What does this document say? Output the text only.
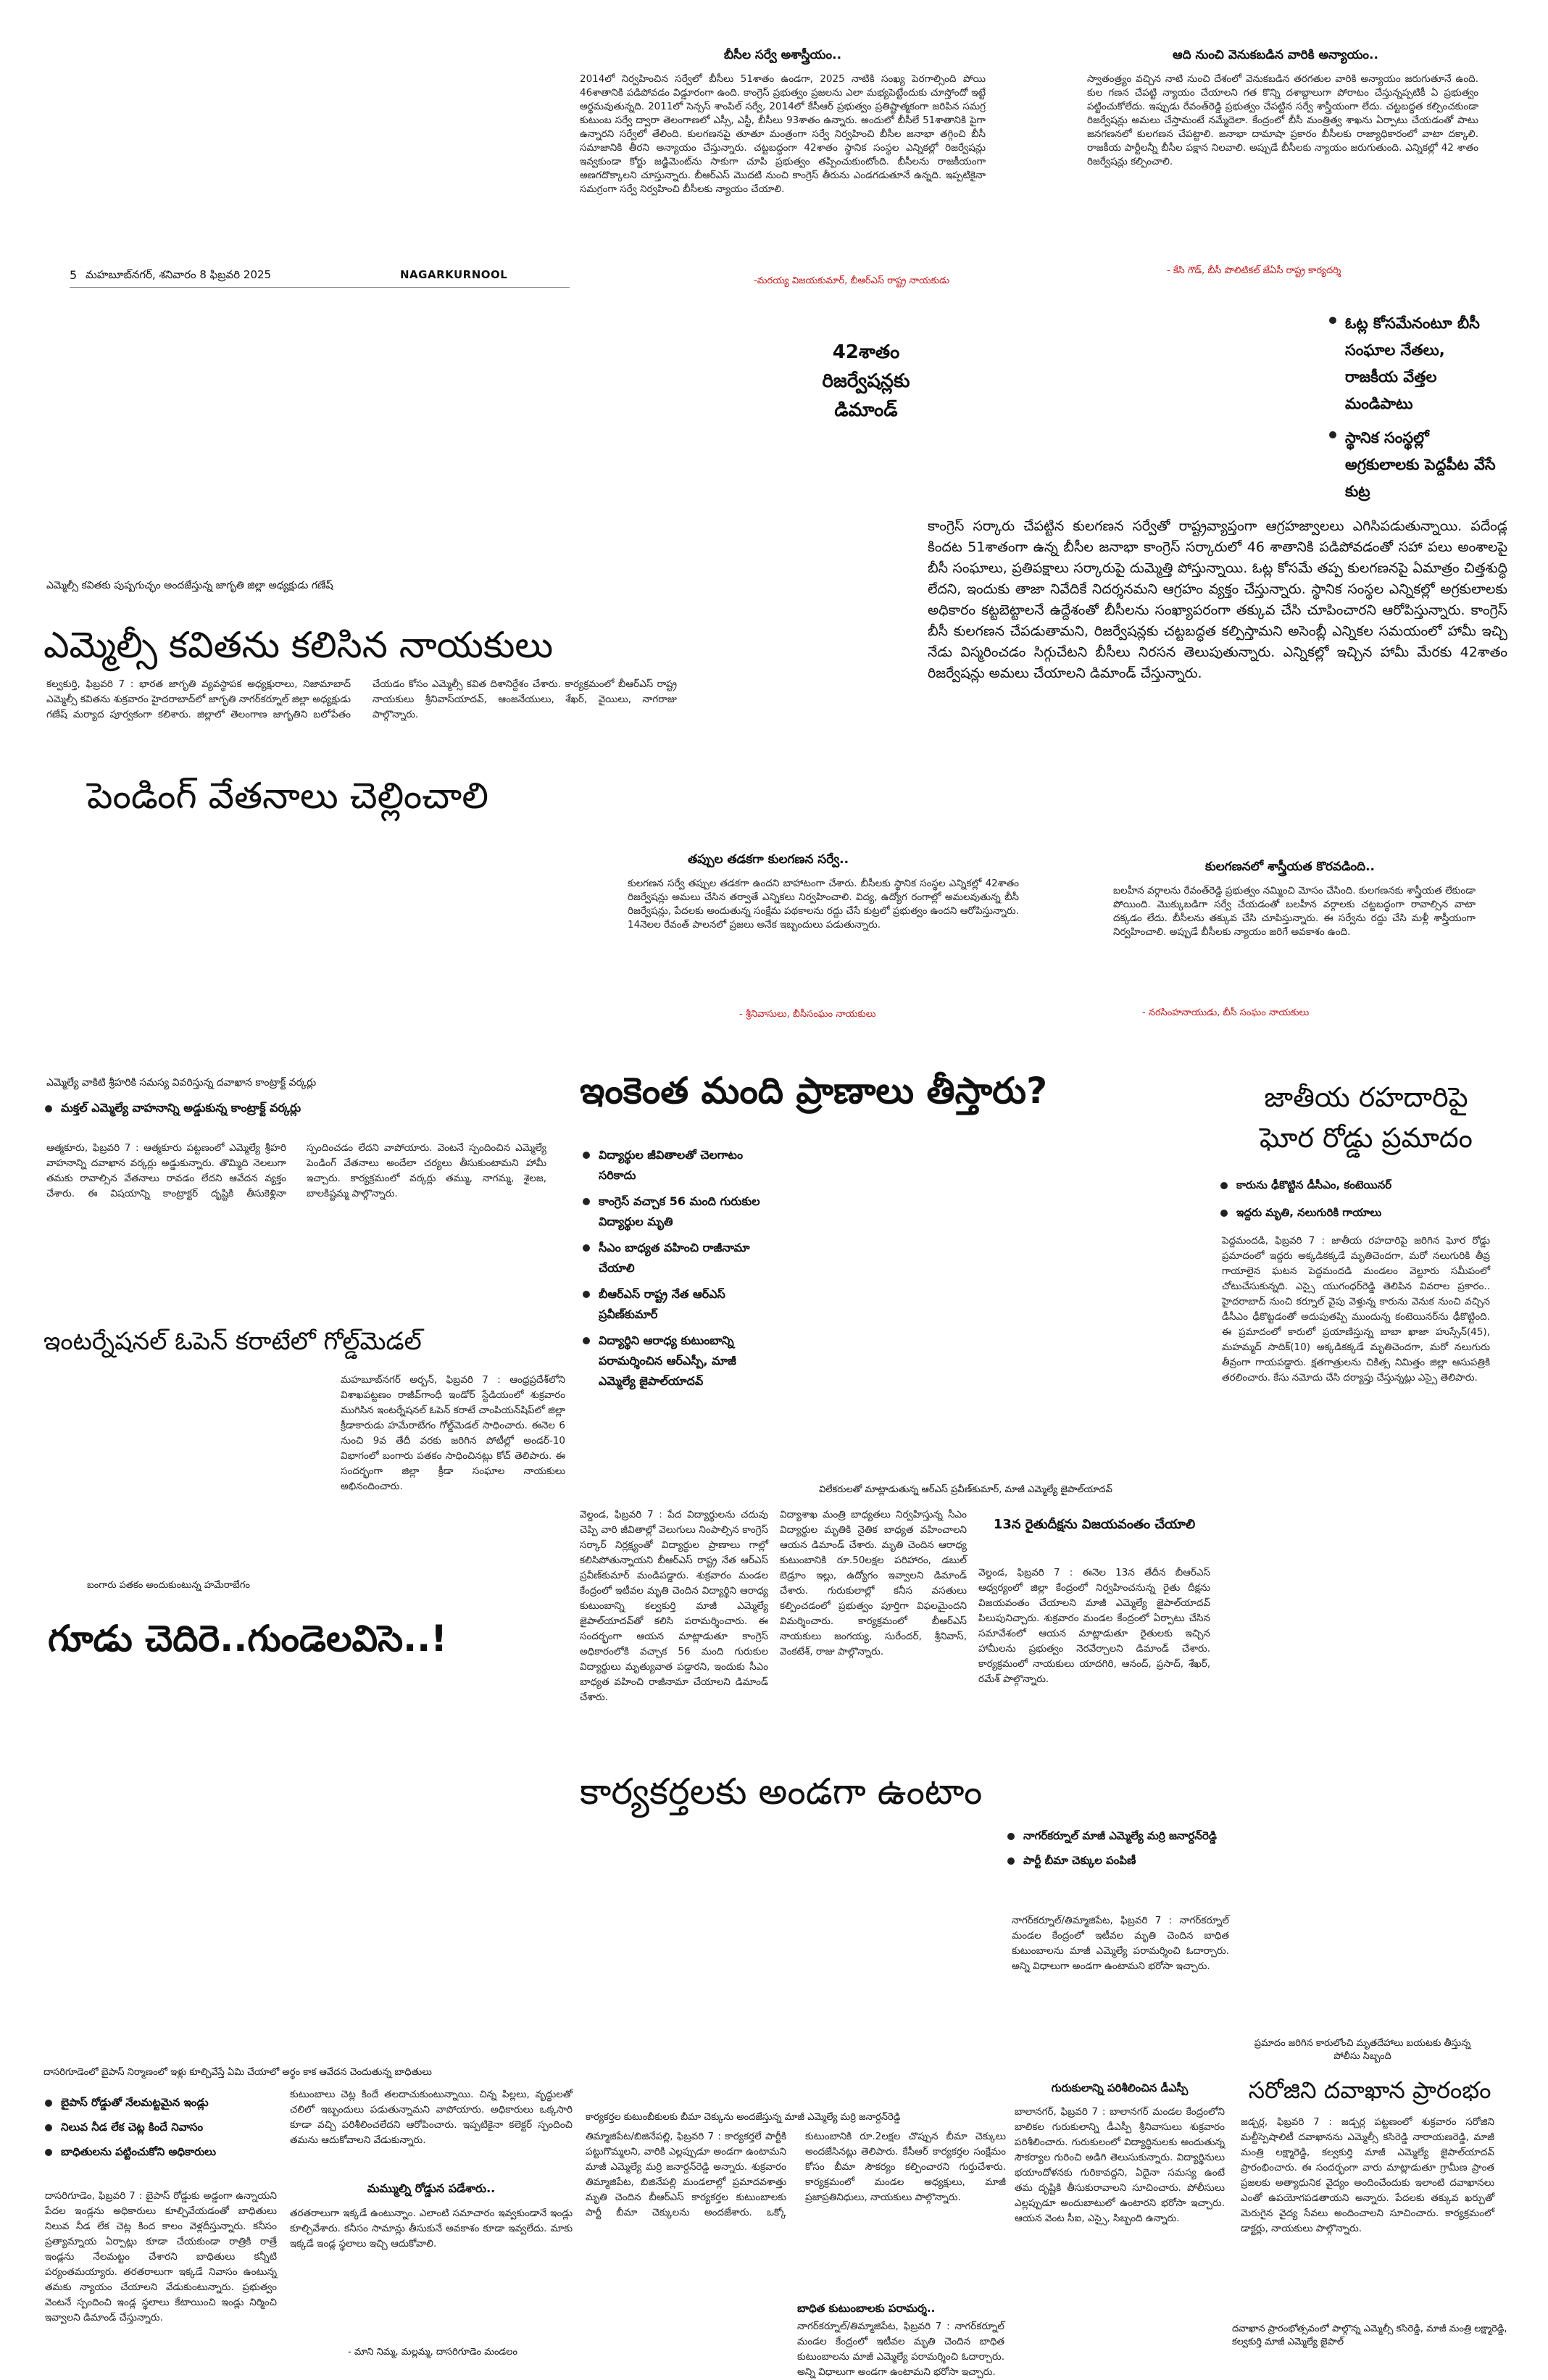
బీసీల సర్వే అశాస్త్రీయం..
2014లో నిర్వహించిన సర్వేలో బీసీలు 51శాతం ఉండగా, 2025 నాటికి సంఖ్య పెరగాల్సింది పోయి 46శాతానికి పడిపోవడం విడ్డూరంగా ఉంది. కాంగ్రెస్ ప్రభుత్వం ప్రజలను ఎలా మభ్యపెట్టేందుకు చూస్తోందో ఇట్టే అర్థమవుతున్నది. 2011లో సెన్సస్ శాంపిల్ సర్వే, 2014లో కేసీఆర్ ప్రభుత్వం ప్రతిష్టాత్మకంగా జరిపిన సమగ్ర కుటుంబ సర్వే ద్వారా తెలంగాణలో ఎస్సీ, ఎస్టీ, బీసీలు 93శాతం ఉన్నారు. అందులో బీసీలే 51శాతానికి పైగా ఉన్నారని సర్వేలో తేలింది. కులగణనపై తూతూ మంత్రంగా సర్వే నిర్వహించి బీసీల జనాభా తగ్గించి బీసీ సమాజానికి తీరని అన్యాయం చేస్తున్నారు. చట్టబద్ధంగా 42శాతం స్థానిక సంస్థల ఎన్నికల్లో రిజర్వేషన్లు ఇవ్వకుండా కోర్టు జడ్జిమెంట్‌ను సాకుగా చూపి ప్రభుత్వం తప్పించుకుంటోంది. బీసీలను రాజకీయంగా అణగదొక్కాలని చూస్తున్నారు. బీఆర్‌ఎస్ మొదటి నుంచి కాంగ్రెస్ తీరును ఎండగడుతూనే ఉన్నది. ఇప్పటికైనా సమగ్రంగా సర్వే నిర్వహించి బీసీలకు న్యాయం చేయాలి.
-మరయ్య విజయకుమార్, బీఆర్‌ఎస్ రాష్ట్ర నాయకుడు
ఆది నుంచి వెనుకబడిన వారికి అన్యాయం..
స్వాతంత్ర్యం వచ్చిన నాటి నుంచి దేశంలో వెనుకబడిన తరగతుల వారికి అన్యాయం జరుగుతూనే ఉంది. కుల గణన చేపట్టి న్యాయం చేయాలని గత కొన్ని దశాబ్దాలుగా పోరాటం చేస్తున్నప్పటికీ ఏ ప్రభుత్వం పట్టించుకోలేదు. ఇప్పుడు రేవంత్‌రెడ్డి ప్రభుత్వం చేపట్టిన సర్వే శాస్త్రీయంగా లేదు. చట్టబద్ధత కల్పించకుండా రిజర్వేషన్లు అమలు చేస్తామంటే నమ్మేదెలా. కేంద్రంలో బీసీ మంత్రిత్వ శాఖను ఏర్పాటు చేయడంతో పాటు జనగణనలో కులగణన చేపట్టాలి. జనాభా దామాషా ప్రకారం బీసీలకు రాజ్యాధికారంలో వాటా దక్కాలి. రాజకీయ పార్టీలన్నీ బీసీల పక్షాన నిలవాలి. అప్పుడే బీసీలకు న్యాయం జరుగుతుంది. ఎన్నికల్లో 42 శాతం రిజర్వేషన్లు కల్పించాలి.
- కేసి గౌడ్, బీసీ పొలిటికల్ జేఏసీ రాష్ట్ర కార్యదర్శి
5 మహబూబ్‌నగర్, శనివారం 8 ఫిబ్రవరి 2025	NAGARKURNOOL
42శాతం రిజర్వేషన్లకు డిమాండ్
ఓట్ల కోసమేనంటూ బీసీ సంఘాల నేతలు, రాజకీయ వేత్తల మండిపాటు
స్థానిక సంస్థల్లో అగ్రకులాలకు పెద్దపీట వేసే కుట్ర
కాంగ్రెస్ సర్కారు చేపట్టిన కులగణన సర్వేతో రాష్ట్రవ్యాప్తంగా ఆగ్రహజ్వాలలు ఎగిసిపడుతున్నాయి. పదేండ్ల కిందట 51శాతంగా ఉన్న బీసీల జనాభా కాంగ్రెస్ సర్కారులో 46 శాతానికి పడిపోవడంతో సహా పలు అంశాలపై బీసీ సంఘాలు, ప్రతిపక్షాలు సర్కారుపై దుమ్మెత్తి పోస్తున్నాయి. ఓట్ల కోసమే తప్ప కులగణనపై ఏమాత్రం చిత్తశుద్ధి లేదని, ఇందుకు తాజా నివేదికే నిదర్శనమని ఆగ్రహం వ్యక్తం చేస్తున్నారు. స్థానిక సంస్థల ఎన్నికల్లో అగ్రకులాలకు అధికారం కట్టబెట్టాలనే ఉద్దేశంతో బీసీలను సంఖ్యాపరంగా తక్కువ చేసి చూపించారని ఆరోపిస్తున్నారు. కాంగ్రెస్ బీసీ కులగణన చేపడుతామని, రిజర్వేషన్లకు చట్టబద్ధత కల్పిస్తామని అసెంబ్లీ ఎన్నికల సమయంలో హామీ ఇచ్చి నేడు విస్మరించడం సిగ్గుచేటని బీసీలు నిరసన తెలుపుతున్నారు. ఎన్నికల్లో ఇచ్చిన హామీ మేరకు 42శాతం రిజర్వేషన్లు అమలు చేయాలని డిమాండ్ చేస్తున్నారు.
ఎమ్మెల్సీ కవితకు పుష్పగుచ్ఛం అందజేస్తున్న జాగృతి జిల్లా అధ్యక్షుడు గణేష్
ఎమ్మెల్సీ కవితను కలిసిన నాయకులు
కల్వకుర్తి, ఫిబ్రవరి 7 : భారత జాగృతి వ్యవస్థాపక అధ్యక్షురాలు, నిజామాబాద్ ఎమ్మెల్సీ కవితను శుక్రవారం హైదరాబాద్‌లో జాగృతి నాగర్‌కర్నూల్ జిల్లా అధ్యక్షుడు గణేష్ మర్యాద పూర్వకంగా కలిశారు. జిల్లాలో తెలంగాణ జాగృతిని బలోపేతం చేయడం కోసం ఎమ్మెల్సీ కవిత దిశానిర్దేశం చేశారు. కార్యక్రమంలో బీఆర్‌ఎస్ రాష్ట్ర నాయకులు శ్రీనివాస్‌యాదవ్, ఆంజనేయులు, శేఖర్, వైయిలు, నాగరాజు పాల్గొన్నారు.
పెండింగ్ వేతనాలు చెల్లించాలి
తప్పుల తడకగా కులగణన సర్వే..
కులగణన సర్వే తప్పుల తడకగా ఉందని బాహాటంగా చేశారు. బీసీలకు స్థానిక సంస్థల ఎన్నికల్లో 42శాతం రిజర్వేషన్లు అమలు చేసిన తర్వాతే ఎన్నికలు నిర్వహించాలి. విద్య, ఉద్యోగ రంగాల్లో అమలవుతున్న బీసీ రిజర్వేషన్లు, పేదలకు అందుతున్న సంక్షేమ పథకాలను రద్దు చేసే కుట్రలో ప్రభుత్వం ఉందని ఆరోపిస్తున్నారు. 14నెలల రేవంత్ పాలనలో ప్రజలు అనేక ఇబ్బందులు పడుతున్నారు.
- శ్రీనివాసులు, బీసీసంఘం నాయకులు
కులగణనలో శాస్త్రీయత కొరవడింది..
బలహీన వర్గాలను రేవంత్‌రెడ్డి ప్రభుత్వం నమ్మించి మోసం చేసింది. కులగణనకు శాస్త్రీయత లేకుండా పోయింది. మొక్కుబడిగా సర్వే చేయడంతో బలహీన వర్గాలకు చట్టబద్ధంగా రావాల్సిన వాటా దక్కడం లేదు. బీసీలను తక్కువ చేసి చూపిస్తున్నారు. ఈ సర్వేను రద్దు చేసి మళ్లీ శాస్త్రీయంగా నిర్వహించాలి. అప్పుడే బీసీలకు న్యాయం జరిగే అవకాశం ఉంది.
- నరసింహనాయుడు, బీసీ సంఘం నాయకులు
ఎమ్మెల్యే వాకిటి శ్రీహరికి సమస్య వివరిస్తున్న దవాఖాన కాంట్రాక్ట్ వర్కర్లు
మక్తల్ ఎమ్మెల్యే వాహనాన్ని అడ్డుకున్న కాంట్రాక్ట్ వర్కర్లు
ఆత్మకూరు, ఫిబ్రవరి 7 : ఆత్మకూరు పట్టణంలో ఎమ్మెల్యే శ్రీహరి వాహనాన్ని దవాఖాన వర్కర్లు అడ్డుకున్నారు. తొమ్మిది నెలలుగా తమకు రావాల్సిన వేతనాలు రావడం లేదని ఆవేదన వ్యక్తం చేశారు. ఈ విషయాన్ని కాంట్రాక్టర్ దృష్టికి తీసుకెళ్లినా స్పందించడం లేదని వాపోయారు. వెంటనే స్పందించిన ఎమ్మెల్యే పెండింగ్ వేతనాలు అందేలా చర్యలు తీసుకుంటామని హామీ ఇచ్చారు. కార్యక్రమంలో వర్కర్లు తమ్ము, నాగమ్మ, శైలజ, బాలకిష్టమ్మ పాల్గొన్నారు.
ఇంటర్నేషనల్ ఓపెన్ కరాటేలో గోల్డ్‌మెడల్
మహబూబ్‌నగర్ అర్బన్, ఫిబ్రవరి 7 : ఆంధ్రప్రదేశ్‌లోని విశాఖపట్టణం రాజీవ్‌గాంధీ ఇండోర్ స్టేడియంలో శుక్రవారం ముగిసిన ఇంటర్నేషనల్ ఓపెన్ కరాటే చాంపియన్‌షిప్‌లో జిల్లా క్రీడాకారుడు హమేరాబేగం గోల్డ్‌మెడల్ సాధించారు. ఈనెల 6 నుంచి 9వ తేదీ వరకు జరిగిన పోటీల్లో అండర్-10 విభాగంలో బంగారు పతకం సాధించినట్లు కోచ్ తెలిపారు. ఈ సందర్భంగా జిల్లా క్రీడా సంఘాల నాయకులు అభినందించారు.
బంగారు పతకం అందుకుంటున్న హమేరాబేగం
గూడు చెదిరె..గుండెలవిసె..!
ఇంకెంత మంది ప్రాణాలు తీస్తారు?
విద్యార్థుల జీవితాలతో చెలగాటం సరికాదు
కాంగ్రెస్ వచ్చాక 56 మంది గురుకుల విద్యార్థుల మృతి
సీఎం బాధ్యత వహించి రాజీనామా చేయాలి
బీఆర్‌ఎస్ రాష్ట్ర నేత ఆర్‌ఎస్ ప్రవీణ్‌కుమార్
విద్యార్థిని ఆరాధ్య కుటుంబాన్ని పరామర్శించిన ఆర్‌ఎస్పీ, మాజీ ఎమ్మెల్యే జైపాల్‌యాదవ్
విలేకరులతో మాట్లాడుతున్న ఆర్‌ఎస్ ప్రవీణ్‌కుమార్, మాజీ ఎమ్మెల్యే జైపాల్‌యాదవ్
వెల్దండ, ఫిబ్రవరి 7 : పేద విద్యార్థులను చదువు చెప్పి వారి జీవితాల్లో వెలుగులు నింపాల్సిన కాంగ్రెస్ సర్కార్ నిర్లక్ష్యంతో విద్యార్థుల ప్రాణాలు గాల్లో కలిసిపోతున్నాయని బీఆర్‌ఎస్ రాష్ట్ర నేత ఆర్‌ఎస్ ప్రవీణ్‌కుమార్ మండిపడ్డారు. శుక్రవారం మండల కేంద్రంలో ఇటీవల మృతి చెందిన విద్యార్థిని ఆరాధ్య కుటుంబాన్ని కల్వకుర్తి మాజీ ఎమ్మెల్యే జైపాల్‌యాదవ్‌తో కలిసి పరామర్శించారు. ఈ సందర్భంగా ఆయన మాట్లాడుతూ కాంగ్రెస్ అధికారంలోకి వచ్చాక 56 మంది గురుకుల విద్యార్థులు మృత్యువాత పడ్డారని, ఇందుకు సీఎం బాధ్యత వహించి రాజీనామా చేయాలని డిమాండ్ చేశారు.
విద్యాశాఖ మంత్రి బాధ్యతలు నిర్వహిస్తున్న సీఎం విద్యార్థుల మృతికి నైతిక బాధ్యత వహించాలని ఆయన డిమాండ్ చేశారు. మృతి చెందిన ఆరాధ్య కుటుంబానికి రూ.50లక్షల పరిహారం, డబుల్ బెడ్రూం ఇల్లు, ఉద్యోగం ఇవ్వాలని డిమాండ్ చేశారు. గురుకులాల్లో కనీస వసతులు కల్పించడంలో ప్రభుత్వం పూర్తిగా విఫలమైందని విమర్శించారు. కార్యక్రమంలో బీఆర్‌ఎస్ నాయకులు జంగయ్య, సురేందర్, శ్రీనివాస్, వెంకటేశ్, రాజు పాల్గొన్నారు.
13న రైతుదీక్షను విజయవంతం చేయాలి
వెల్దండ, ఫిబ్రవరి 7 : ఈనెల 13న తేదీన బీఆర్‌ఎస్ ఆధ్వర్యంలో జిల్లా కేంద్రంలో నిర్వహించనున్న రైతు దీక్షను విజయవంతం చేయాలని మాజీ ఎమ్మెల్యే జైపాల్‌యాదవ్ పిలుపునిచ్చారు. శుక్రవారం మండల కేంద్రంలో ఏర్పాటు చేసిన సమావేశంలో ఆయన మాట్లాడుతూ రైతులకు ఇచ్చిన హామీలను ప్రభుత్వం నెరవేర్చాలని డిమాండ్ చేశారు. కార్యక్రమంలో నాయకులు యాదగిరి, ఆనంద్, ప్రసాద్, శేఖర్, రమేశ్ పాల్గొన్నారు.
జాతీయ రహదారిపై ఘోర రోడ్డు ప్రమాదం
కారును ఢీకొట్టిన డీసీఎం, కంటెయినర్
ఇద్దరు మృతి, నలుగురికి గాయాలు
పెద్దమందడి, ఫిబ్రవరి 7 : జాతీయ రహదారిపై జరిగిన ఘోర రోడ్డు ప్రమాదంలో ఇద్దరు అక్కడికక్కడే మృతిచెందగా, మరో నలుగురికి తీవ్ర గాయాలైన ఘటన పెద్దమందడి మండలం వెల్టూరు సమీపంలో చోటుచేసుకున్నది. ఎస్సై యుగంధర్‌రెడ్డి తెలిపిన వివరాల ప్రకారం.. హైదరాబాద్ నుంచి కర్నూల్ వైపు వెళ్తున్న కారును వెనుక నుంచి వచ్చిన డీసీఎం ఢీకొట్టడంతో అదుపుతప్పి ముందున్న కంటెయినర్‌ను ఢీకొట్టింది. ఈ ప్రమాదంలో కారులో ప్రయాణిస్తున్న బాబా ఖాజా హుస్సేన్(45), మహమ్మద్ సాదిక్(10) అక్కడికక్కడే మృతిచెందగా, మరో నలుగురు తీవ్రంగా గాయపడ్డారు. క్షతగాత్రులను చికిత్స నిమిత్తం జిల్లా ఆసుపత్రికి తరలించారు. కేసు నమోదు చేసి దర్యాప్తు చేస్తున్నట్లు ఎస్సై తెలిపారు.
కార్యకర్తలకు అండగా ఉంటాం
నాగర్‌కర్నూల్ మాజీ ఎమ్మెల్యే మర్రి జనార్దన్‌రెడ్డి
పార్టీ బీమా చెక్కుల పంపిణీ
కార్యకర్తల కుటుంబీకులకు బీమా చెక్కును అందజేస్తున్న మాజీ ఎమ్మెల్యే మర్రి జనార్దన్‌రెడ్డి
తిమ్మాజిపేట/బిజినేపల్లి, ఫిబ్రవరి 7 : కార్యకర్తలే పార్టీకి పట్టుగొమ్మలని, వారికి ఎల్లప్పుడూ అండగా ఉంటామని మాజీ ఎమ్మెల్యే మర్రి జనార్దన్‌రెడ్డి అన్నారు. శుక్రవారం తిమ్మాజిపేట, బిజినేపల్లి మండలాల్లో ప్రమాదవశాత్తు మృతి చెందిన బీఆర్‌ఎస్ కార్యకర్తల కుటుంబాలకు పార్టీ బీమా చెక్కులను అందజేశారు. ఒక్కో కుటుంబానికి రూ.2లక్షల చొప్పున బీమా చెక్కులు అందజేసినట్లు తెలిపారు. కేసీఆర్ కార్యకర్తల సంక్షేమం కోసం బీమా సౌకర్యం కల్పించారని గుర్తుచేశారు. కార్యక్రమంలో మండల అధ్యక్షులు, మాజీ ప్రజాప్రతినిధులు, నాయకులు పాల్గొన్నారు.
బాధిత కుటుంబాలకు పరామర్శ..
నాగర్‌కర్నూల్/తిమ్మాజిపేట, ఫిబ్రవరి 7 : నాగర్‌కర్నూల్ మండల కేంద్రంలో ఇటీవల మృతి చెందిన బాధిత కుటుంబాలను మాజీ ఎమ్మెల్యే పరామర్శించి ఓదార్చారు. అన్ని విధాలుగా అండగా ఉంటామని భరోసా ఇచ్చారు.
నాగర్‌కర్నూల్/తిమ్మాజిపేట, ఫిబ్రవరి 7 : నాగర్‌కర్నూల్ మండల కేంద్రంలో ఇటీవల మృతి చెందిన బాధిత కుటుంబాలను మాజీ ఎమ్మెల్యే పరామర్శించి ఓదార్చారు. అన్ని విధాలుగా అండగా ఉంటామని భరోసా ఇచ్చారు.
గురుకులాన్ని పరిశీలించిన డీఎస్పీ
బాలానగర్, ఫిబ్రవరి 7 : బాలానగర్ మండల కేంద్రంలోని బాలికల గురుకులాన్ని డీఎస్పీ శ్రీనివాసులు శుక్రవారం పరిశీలించారు. గురుకులంలో విద్యార్థినులకు అందుతున్న సౌకర్యాల గురించి అడిగి తెలుసుకున్నారు. విద్యార్థినులు భయాందోళనకు గురికావద్దని, ఏదైనా సమస్య ఉంటే తమ దృష్టికి తీసుకురావాలని సూచించారు. పోలీసులు ఎల్లప్పుడూ అందుబాటులో ఉంటారని భరోసా ఇచ్చారు. ఆయన వెంట సీఐ, ఎస్సై, సిబ్బంది ఉన్నారు.
దాసరిగూడెంలో బైపాస్ నిర్మాణంలో ఇళ్లు కూల్చివేస్తే ఏమి చేయాలో అర్థం కాక ఆవేదన చెందుతున్న బాధితులు
బైపాస్ రోడ్డుతో నేలమట్టమైన ఇండ్లు
నిలువ నీడ లేక చెట్ల కిందే నివాసం
బాధితులను పట్టించుకోని అధికారులు
దాసరిగూడెం, ఫిబ్రవరి 7 : బైపాస్ రోడ్డుకు అడ్డంగా ఉన్నాయని పేదల ఇండ్లను అధికారులు కూల్చివేయడంతో బాధితులు నిలువ నీడ లేక చెట్ల కింద కాలం వెళ్లదీస్తున్నారు. కనీసం ప్రత్యామ్నాయ ఏర్పాట్లు కూడా చేయకుండా రాత్రికి రాత్రే ఇండ్లను నేలమట్టం చేశారని బాధితులు కన్నీటి పర్యంతమయ్యారు. తరతరాలుగా ఇక్కడే నివాసం ఉంటున్న తమకు న్యాయం చేయాలని వేడుకుంటున్నారు. ప్రభుత్వం వెంటనే స్పందించి ఇండ్ల స్థలాలు కేటాయించి ఇండ్లు నిర్మించి ఇవ్వాలని డిమాండ్ చేస్తున్నారు.
కుటుంబాలు చెట్ల కిందే తలదాచుకుంటున్నాయి. చిన్న పిల్లలు, వృద్ధులతో చలిలో ఇబ్బందులు పడుతున్నామని వాపోయారు. అధికారులు ఒక్కసారి కూడా వచ్చి పరిశీలించలేదని ఆరోపించారు. ఇప్పటికైనా కలెక్టర్ స్పందించి తమను ఆదుకోవాలని వేడుకున్నారు.
మమ్ముల్ని రోడ్డున పడేశారు..
తరతరాలుగా ఇక్కడే ఉంటున్నాం. ఎలాంటి సమాచారం ఇవ్వకుండానే ఇండ్లు కూల్చివేశారు. కనీసం సామాన్లు తీసుకునే అవకాశం కూడా ఇవ్వలేదు. మాకు ఇక్కడే ఇండ్ల స్థలాలు ఇచ్చి ఆదుకోవాలి.
- మాని నిమ్మ, మల్లమ్మ, దాసరిగూడెం మండలం
ప్రమాదం జరిగిన కారులోంచి మృతదేహాలు బయటకు తీస్తున్న పోలీసు సిబ్బంది
సరోజిని దవాఖాన ప్రారంభం
జడ్చర్ల, ఫిబ్రవరి 7 : జడ్చర్ల పట్టణంలో శుక్రవారం సరోజిని మల్టీస్పెషాలిటీ దవాఖానను ఎమ్మెల్సీ కసిరెడ్డి నారాయణరెడ్డి, మాజీ మంత్రి లక్ష్మారెడ్డి, కల్వకుర్తి మాజీ ఎమ్మెల్యే జైపాల్‌యాదవ్ ప్రారంభించారు. ఈ సందర్భంగా వారు మాట్లాడుతూ గ్రామీణ ప్రాంత ప్రజలకు అత్యాధునిక వైద్యం అందించేందుకు ఇలాంటి దవాఖానలు ఎంతో ఉపయోగపడతాయని అన్నారు. పేదలకు తక్కువ ఖర్చుతో మెరుగైన వైద్య సేవలు అందించాలని సూచించారు. కార్యక్రమంలో డాక్టర్లు, నాయకులు పాల్గొన్నారు.
దవాఖాన ప్రారంభోత్సవంలో పాల్గొన్న ఎమ్మెల్సీ కసిరెడ్డి, మాజీ మంత్రి లక్ష్మారెడ్డి, కల్వకుర్తి మాజీ ఎమ్మెల్యే జైపాల్
